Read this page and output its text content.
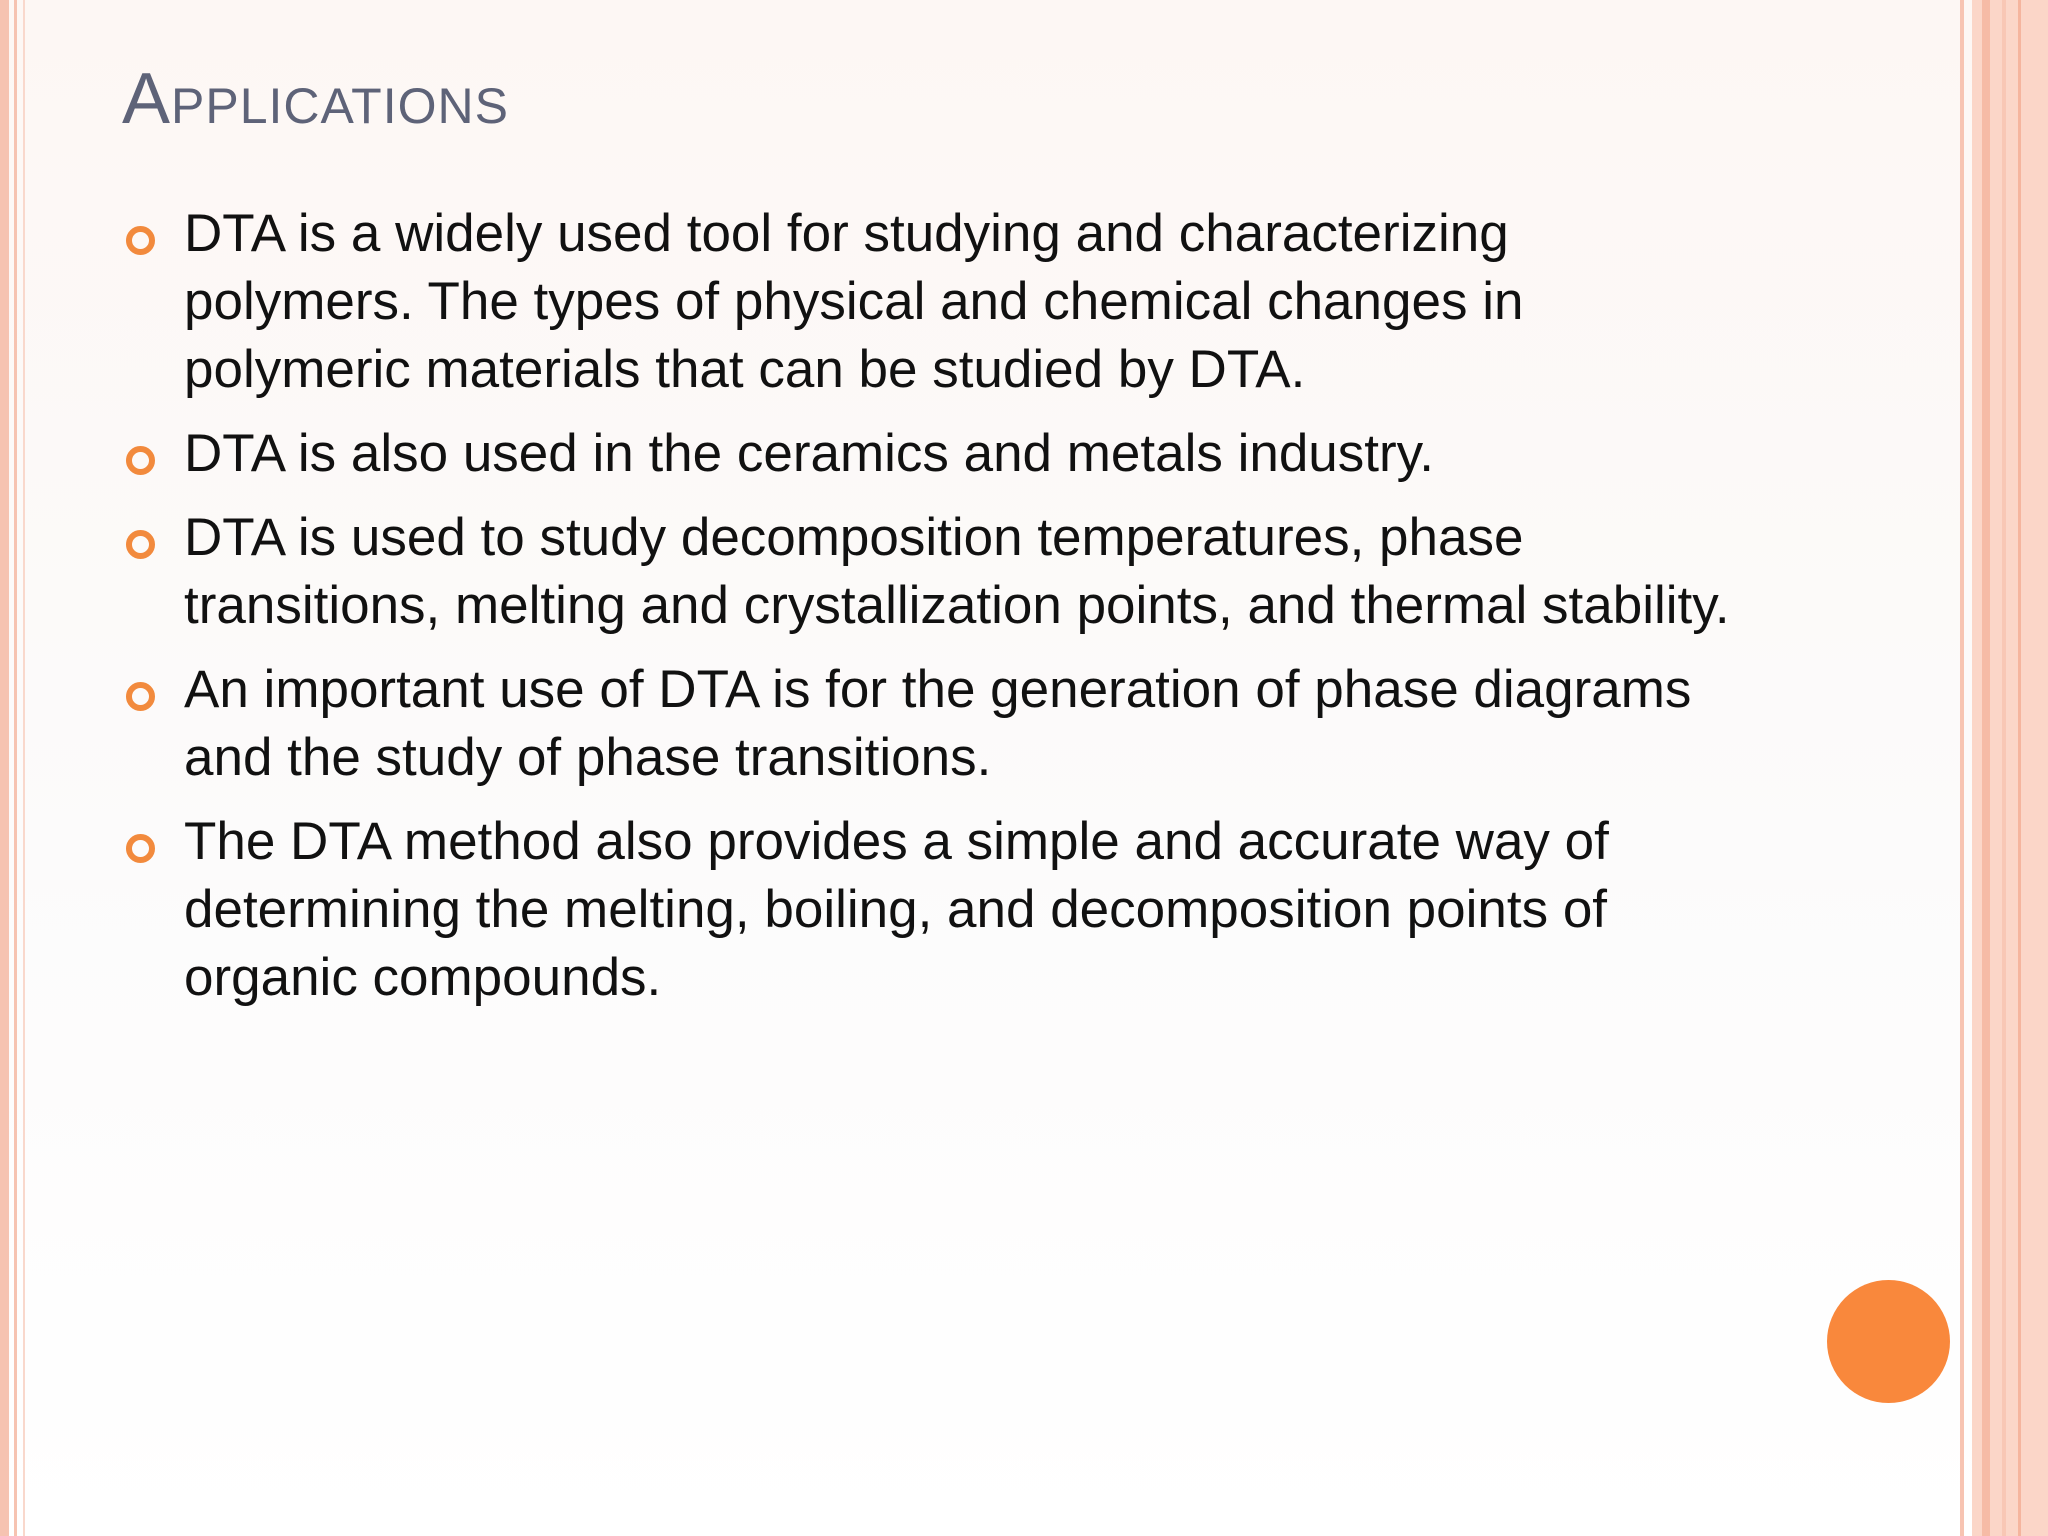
Applications
DTA is a widely used tool for studying and characterizing polymers. The types of physical and chemical changes in polymeric materials that can be studied by DTA.
DTA is also used in the ceramics and metals industry.
DTA is used to study decomposition temperatures, phase transitions, melting and crystallization points, and thermal stability.
An important use of DTA is for the generation of phase diagrams and the study of phase transitions.
The DTA method also provides a simple and accurate way of determining the melting, boiling, and decomposition points of organic compounds.
